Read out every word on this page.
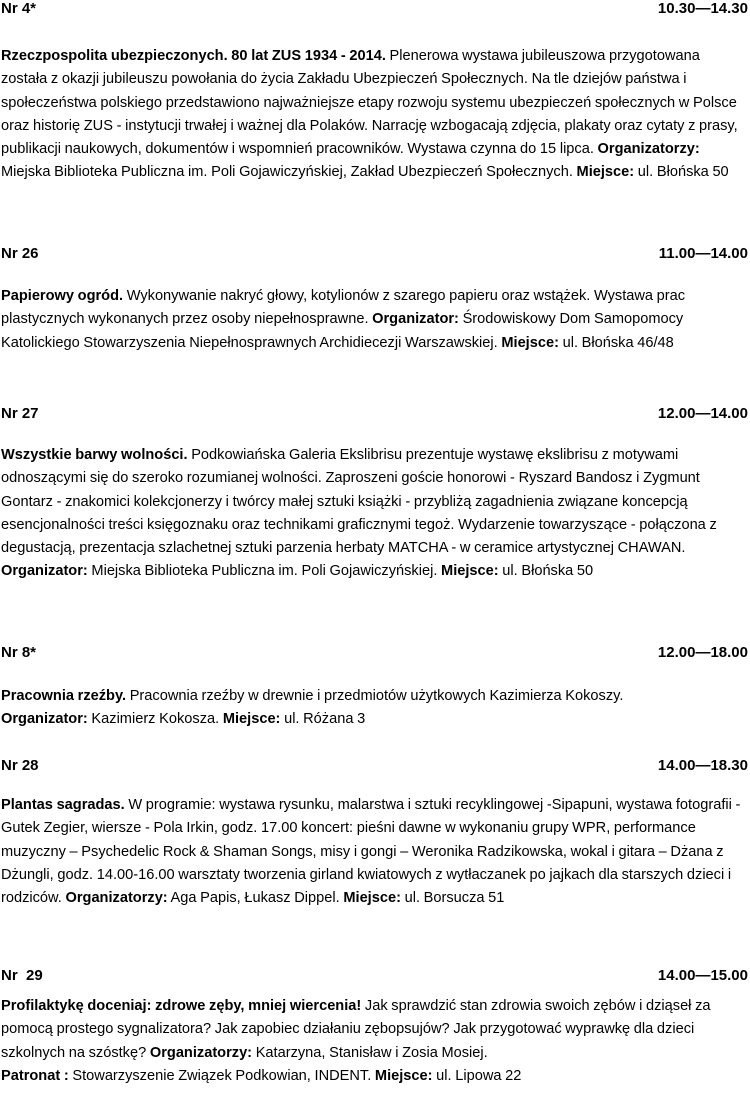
Nr 4*	10.30—14.30
Rzeczpospolita ubezpieczonych. 80 lat ZUS 1934 - 2014. Plenerowa wystawa jubileuszowa przygotowana została z okazji jubileuszu powołania do życia Zakładu Ubezpieczeń Społecznych. Na tle dziejów państwa i społeczeństwa polskiego przedstawiono najważniejsze etapy rozwoju systemu ubezpieczeń społecznych w Polsce oraz historię ZUS - instytucji trwałej i ważnej dla Polaków. Narrację wzbogacają zdjęcia, plakaty oraz cytaty z prasy, publikacji naukowych, dokumentów i wspomnień pracowników. Wystawa czynna do 15 lipca. Organizatorzy: Miejska Biblioteka Publiczna im. Poli Gojawiczyńskiej, Zakład Ubezpieczeń Społecznych. Miejsce: ul. Błońska 50
Nr 26	11.00—14.00
Papierowy ogród. Wykonywanie nakryć głowy, kotylionów z szarego papieru oraz wstążek. Wystawa prac plastycznych wykonanych przez osoby niepełnosprawne. Organizator: Środowiskowy Dom Samopomocy Katolickiego Stowarzyszenia Niepełnosprawnych Archidiecezji Warszawskiej. Miejsce: ul. Błońska 46/48
Nr 27	12.00—14.00
Wszystkie barwy wolności. Podkowiańska Galeria Ekslibrisu prezentuje wystawę ekslibrisu z motywami odnoszącymi się do szeroko rozumianej wolności. Zaproszeni goście honorowi - Ryszard Bandosz i Zygmunt Gontarz - znakomici kolekcjonerzy i twórcy małej sztuki książki - przybliżą zagadnienia związane koncepcją esencjonalności treści księgoznaku oraz technikami graficznymi tegoż. Wydarzenie towarzyszące - połączona z degustacją, prezentacja szlachetnej sztuki parzenia herbaty MATCHA - w ceramice artystycznej CHAWAN. Organizator: Miejska Biblioteka Publiczna im. Poli Gojawiczyńskiej. Miejsce: ul. Błońska 50
Nr 8*	12.00—18.00
Pracownia rzeźby. Pracownia rzeźby w drewnie i przedmiotów użytkowych Kazimierza Kokoszy.
Organizator: Kazimierz Kokosza. Miejsce: ul. Różana 3
Nr 28	14.00—18.30
Plantas sagradas. W programie: wystawa rysunku, malarstwa i sztuki recyklingowej -Sipapuni, wystawa fotografii - Gutek Zegier, wiersze - Pola Irkin, godz. 17.00 koncert: pieśni dawne w wykonaniu grupy WPR, performance muzyczny – Psychedelic Rock & Shaman Songs, misy i gongi – Weronika Radzikowska, wokal i gitara – Dżana z Dżungli, godz. 14.00-16.00 warsztaty tworzenia girland kwiatowych z wytłaczanek po jajkach dla starszych dzieci i rodziców. Organizatorzy: Aga Papis, Łukasz Dippel. Miejsce: ul. Borsucza 51
Nr  29	14.00—15.00
Profilaktykę doceniaj: zdrowe zęby, mniej wiercenia! Jak sprawdzić stan zdrowia swoich zębów i dziąseł za pomocą prostego sygnalizatora? Jak zapobiec działaniu zębopsujów? Jak przygotować wyprawkę dla dzieci szkolnych na szóstkę? Organizatorzy: Katarzyna, Stanisław i Zosia Mosiej.
Patronat : Stowarzyszenie Związek Podkowian, INDENT. Miejsce: ul. Lipowa 22
